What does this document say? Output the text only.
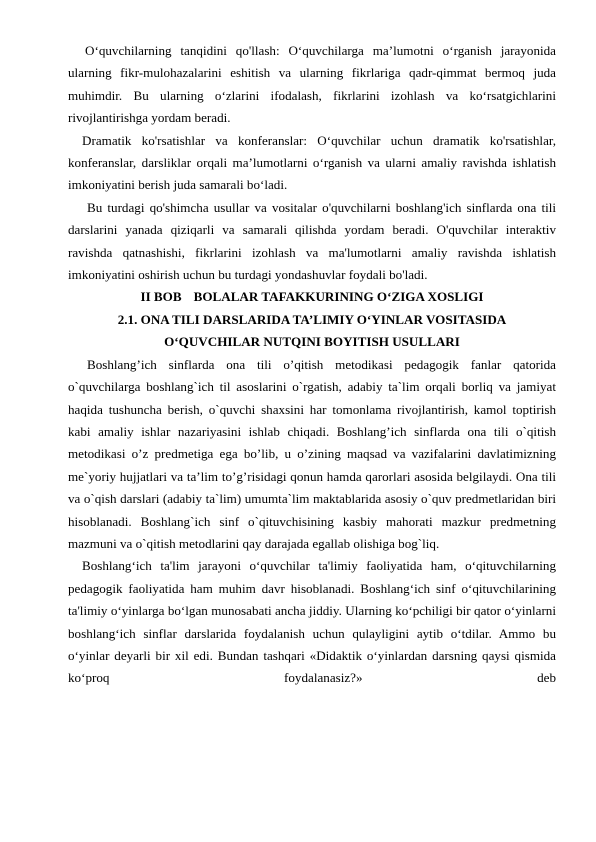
O‘quvchilarning tanqidini qo'llash: O‘quvchilarga ma’lumotni o‘rganish jarayonida ularning fikr-mulohazalarini eshitish va ularning fikrlariga qadr-qimmat bermoq juda muhimdir. Bu ularning o‘zlarini ifodalash, fikrlarini izohlash va ko‘rsatgichlarini rivojlantirishga yordam beradi.

Dramatik ko'rsatishlar va konferanslar: O‘quvchilar uchun dramatik ko'rsatishlar, konferanslar, darsliklar orqali ma’lumotlarni o‘rganish va ularni amaliy ravishda ishlatish imkoniyatini berish juda samarali bo‘ladi.

Bu turdagi qo'shimcha usullar va vositalar o'quvchilarni boshlang'ich sinflarda ona tili darslarini yanada qiziqarli va samarali qilishda yordam beradi. O'quvchilar interaktiv ravishda qatnashishi, fikrlarini izohlash va ma'lumotlarni amaliy ravishda ishlatish imkoniyatini oshirish uchun bu turdagi yondashuvlar foydali bo'ladi.

II BOB BOLALAR TAFAKKURINING O‘ZIGA XOSLIGI

2.1. ONA TILI DARSLARIDA TA’LIMIY O‘YINLAR VOSITASIDA

O‘QUVCHILAR NUTQINI BOYITISH USULLARI

Boshlang’ich sinflarda ona tili o’qitish metodikasi pedagogik fanlar qatorida o`quvchilarga boshlang`ich til asoslarini o`rgatish, adabiy ta`lim orqali borliq va jamiyat haqida tushuncha berish, o`quvchi shaxsini har tomonlama rivojlantirish, kamol toptirish kabi amaliy ishlar nazariyasini ishlab chiqadi. Boshlang’ich sinflarda ona tili o`qitish metodikasi o’z predmetiga ega bo’lib, u o’zining maqsad va vazifalarini davlatimizning me`yoriy hujjatlari va ta’lim to’g’risidagi qonun hamda qarorlari asosida belgilaydi. Ona tili va o`qish darslari (adabiy ta`lim) umumta`lim maktablarida asosiy o`quv predmetlaridan biri hisoblanadi. Boshlang`ich sinf o`qituvchisining kasbiy mahorati mazkur predmetning mazmuni va o`qitish metodlarini qay darajada egallab olishiga bog`liq.

Boshlang‘ich ta'lim jarayoni o‘quvchilar ta'limiy faoliyatida ham, o‘qituvchilarning pedagogik faoliyatida ham muhim davr hisoblanadi. Boshlang‘ich sinf o‘qituvchilarining ta'limiy o‘yinlarga bo‘lgan munosabati ancha jiddiy. Ularning ko‘pchiligi bir qator o‘yinlarni boshlang‘ich sinflar darslarida foydalanish uchun qulayligini aytib o‘tdilar. Ammo bu o‘yinlar deyarli bir xil edi. Bundan tashqari «Didaktik o‘yinlardan darsning qaysi qismida ko‘proq foydalanasiz?» deb
